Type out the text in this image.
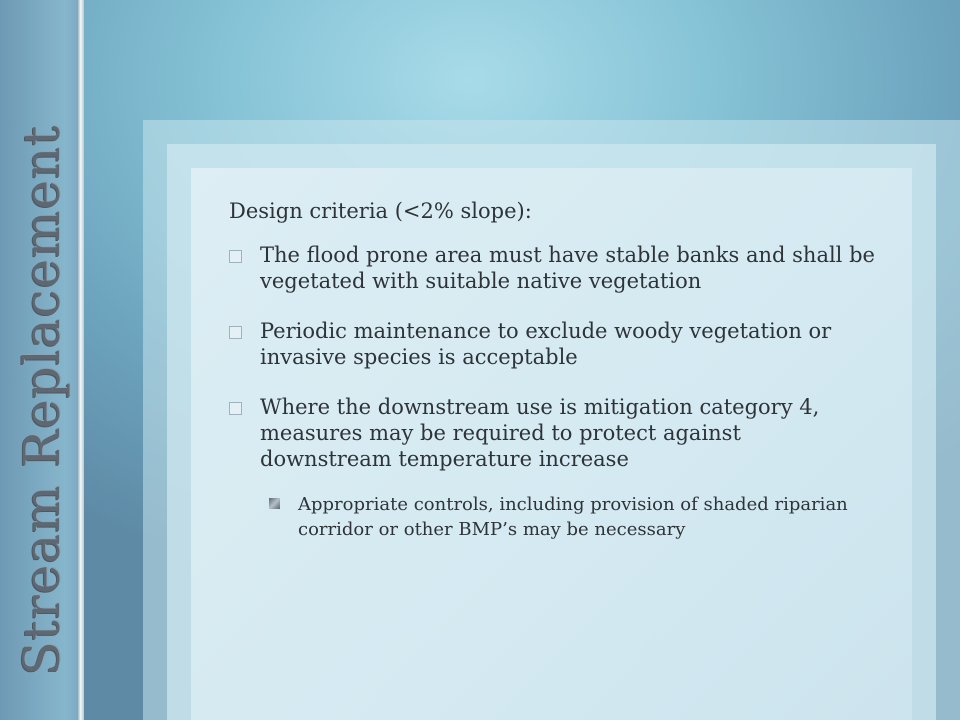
Stream Replacement	Design criteria (<2% slope):
The flood prone area must have stable banks and shall be vegetated with suitable native vegetation
Periodic maintenance to exclude woody vegetation or invasive species is acceptable
Where the downstream use is mitigation category 4, measures may be required to protect against downstream temperature increase
Appropriate controls, including provision of shaded riparian corridor or other BMP’s may be necessary
